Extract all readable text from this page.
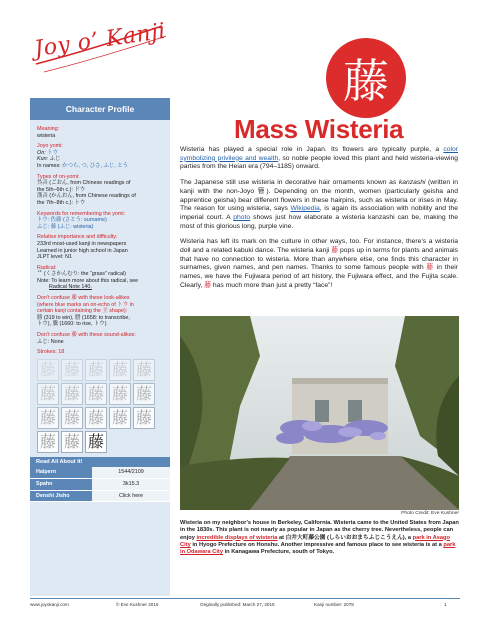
Joy o’ Kanji
藤
Mass Wisteria
Character Profile
Meaning:
wisteria
Joyo yomi:
On: トウ
Kun: ふじ
In names: かつら, つ, ひさ, ふじ, とう
Types of on-yomi:
呉音 (ごおん, from Chinese readings of
the 5th–6th c.): ドウ
漢音 (かんおん, from Chinese readings of
the 7th–8th c.): トウ
Keywords for remembering the yomi:
トウ: 佐藤 (さとう: surname)
ふじ: 藤 (ふじ: wisteria)
Relative importance and difficulty:
233rd most-used kanji in newspapers
Learned in junior high school in Japan
JLPT level: N1
Radical:
艹 (くさかんむり: the “grass” radical)
Note: To learn more about this radical, see
Radical Note 140.
Don’t confuse 藤 with these look-alikes
(where blue marks an on-echo of トウ in
certain kanji containing the 𦍌 shape):
勝 (319 to win), 謄 (1658: to transcribe,
トウ), 騰 (1660: to rise, トウ)
Don’t confuse 藤 with these sound-alikes:
ふじ: None
Strokes: 18
藤 藤 藤 藤 藤
藤 藤 藤 藤 藤
藤 藤 藤 藤 藤
藤 藤 藤
Read All About It!
Halpern	1544/2109
Spahn	3k15.3
Denshi Jisho	Click here

Wisteria has played a special role in Japan. Its flowers are typically purple, a color symbolizing privilege and wealth, so noble people loved this plant and held wisteria-viewing parties from the Heian era (794–1185) onward.

The Japanese still use wisteria in decorative hair ornaments known as kanzashi (written in kanji with the non-Joyo 簪). Depending on the month, women (particularly geisha and apprentice geisha) bear different flowers in these hairpins, such as wisteria or irises in May. The reason for using wisteria, says Wikipedia, is again its association with nobility and the imperial court. A photo shows just how elaborate a wisteria kanzashi can be, making the most of this glorious long, purple vine.

Wisteria has left its mark on the culture in other ways, too. For instance, there’s a wisteria doll and a related kabuki dance. The wisteria kanji 藤 pops up in terms for plants and animals that have no connection to wisteria. More than anywhere else, one finds this character in surnames, given names, and pen names. Thanks to some famous people with 藤 in their names, we have the Fujiwara period of art history, the Fujiwara effect, and the Fujita scale. Clearly, 藤 has much more than just a pretty “face”!

Photo Credit: Eve Kushner
Wisteria on my neighbor’s house in Berkeley, California. Wisteria came to the United States from Japan in the 1830s. This plant is not nearly as popular in Japan as the cherry tree. Nevertheless, people can enjoy incredible displays of wisteria at 白井大町藤公園 (しらいおおまちふじこうえん), a park in Asago City in Hyogo Prefecture on Honshu. Another impressive and famous place to see wisteria is at a park in Odawara City in Kanagawa Prefecture, south of Tokyo.
www.joyokanji.com	© Eve Kushner 2015	Originally published: March 27, 2015	Kanji number: 2078	1
